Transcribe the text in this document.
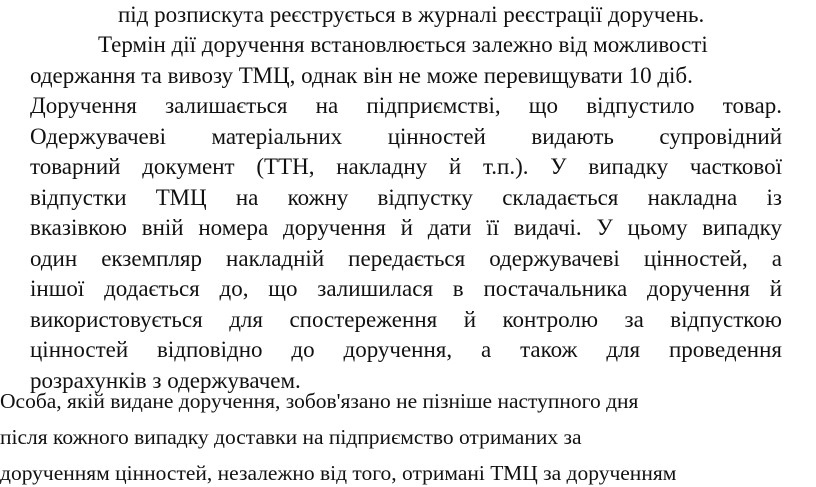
під розпискута реєструється в журналі реєстрації доручень.
Термін дії доручення встановлюється залежно від можливості
одержання та вивозу ТМЦ, однак він не може перевищувати 10 діб.
Доручення залишається на підприємстві, що відпустило товар.
Одержувачеві матеріальних цінностей видають супровідний
товарний документ (ТТН, накладну й т.п.). У випадку часткової
відпустки ТМЦ на кожну відпустку складається накладна із
вказівкою вній номера доручення й дати її видачі. У цьому випадку
один екземпляр накладній передається одержувачеві цінностей, а
іншої додається до, що залишилася в постачальника доручення й
використовується для спостереження й контролю за відпусткою
цінностей відповідно до доручення, а також для проведення
розрахунків з одержувачем.
Особа, якій видане доручення, зобов'язано не пізніше наступного дня
після кожного випадку доставки на підприємство отриманих за
дорученням цінностей, незалежно від того, отримані ТМЦ за дорученням
